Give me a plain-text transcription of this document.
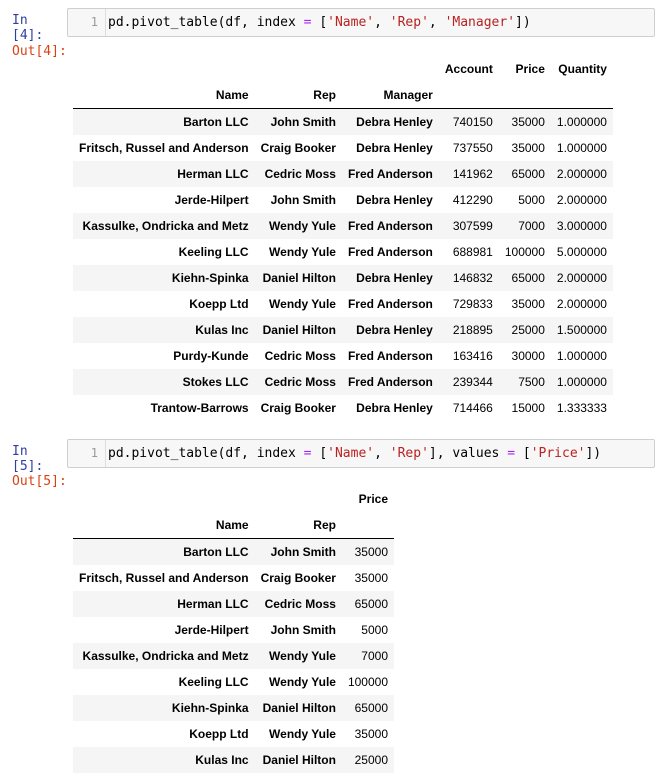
In [4]:

1

pd.pivot_table(df, index = ['Name', 'Rep', 'Manager'])

Out[4]:
			Account	Price	Quantity
Name	Rep	Manager			
Barton LLC	John Smith	Debra Henley	740150	35000	1.000000
Fritsch, Russel and Anderson	Craig Booker	Debra Henley	737550	35000	1.000000
Herman LLC	Cedric Moss	Fred Anderson	141962	65000	2.000000
Jerde-Hilpert	John Smith	Debra Henley	412290	5000	2.000000
Kassulke, Ondricka and Metz	Wendy Yule	Fred Anderson	307599	7000	3.000000
Keeling LLC	Wendy Yule	Fred Anderson	688981	100000	5.000000
Kiehn-Spinka	Daniel Hilton	Debra Henley	146832	65000	2.000000
Koepp Ltd	Wendy Yule	Fred Anderson	729833	35000	2.000000
Kulas Inc	Daniel Hilton	Debra Henley	218895	25000	1.500000
Purdy-Kunde	Cedric Moss	Fred Anderson	163416	30000	1.000000
Stokes LLC	Cedric Moss	Fred Anderson	239344	7500	1.000000
Trantow-Barrows	Craig Booker	Debra Henley	714466	15000	1.333333
In [5]:

1

pd.pivot_table(df, index = ['Name', 'Rep'], values = ['Price'])

Out[5]:
		Price
Name	Rep	
Barton LLC	John Smith	35000
Fritsch, Russel and Anderson	Craig Booker	35000
Herman LLC	Cedric Moss	65000
Jerde-Hilpert	John Smith	5000
Kassulke, Ondricka and Metz	Wendy Yule	7000
Keeling LLC	Wendy Yule	100000
Kiehn-Spinka	Daniel Hilton	65000
Koepp Ltd	Wendy Yule	35000
Kulas Inc	Daniel Hilton	25000
